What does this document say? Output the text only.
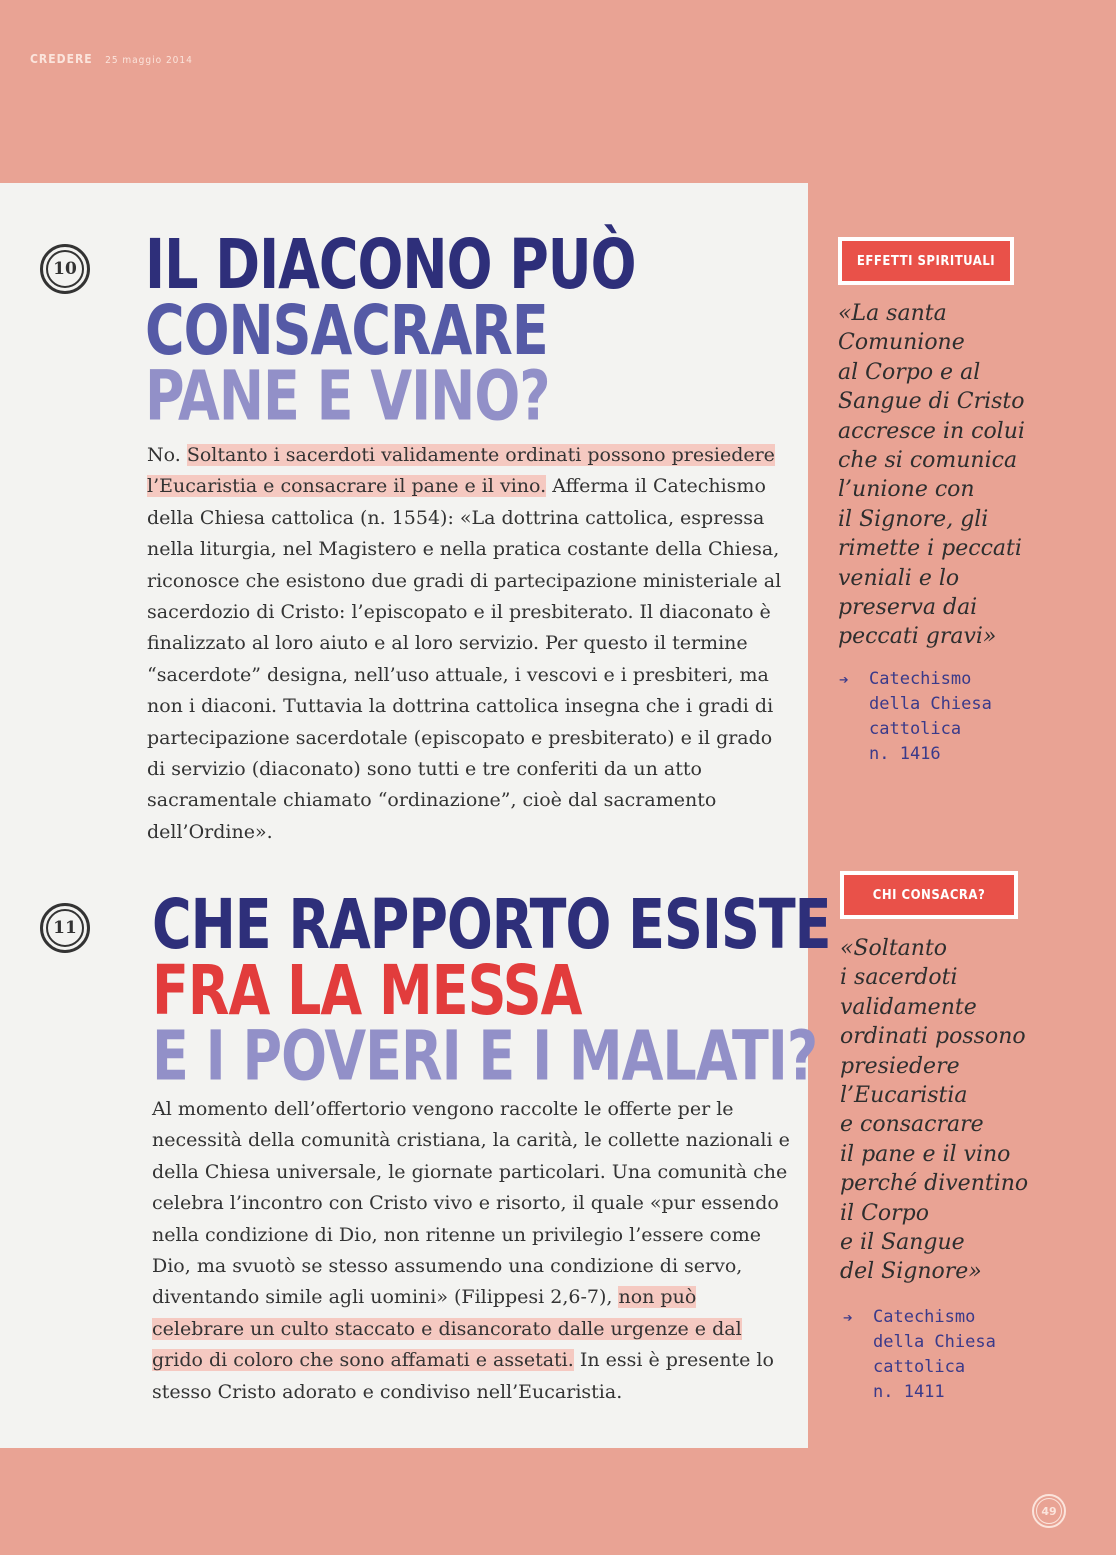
CREDERE 25 maggio 2014
10 IL DIACONO PUÒ
CONSACRARE
PANE E VINO?

No. Soltanto i sacerdoti validamente ordinati possono presiedere l’Eucaristia e consacrare il pane e il vino. Afferma il Catechismo della Chiesa cattolica (n. 1554): «La dottrina cattolica, espressa nella liturgia, nel Magistero e nella pratica costante della Chiesa, riconosce che esistono due gradi di partecipazione ministeriale al sacerdozio di Cristo: l’episcopato e il presbiterato. Il diaconato è finalizzato al loro aiuto e al loro servizio. Per questo il termine “sacerdote” designa, nell’uso attuale, i vescovi e i presbiteri, ma non i diaconi. Tuttavia la dottrina cattolica insegna che i gradi di partecipazione sacerdotale (episcopato e presbiterato) e il grado di servizio (diaconato) sono tutti e tre conferiti da un atto sacramentale chiamato “ordinazione”, cioè dal sacramento dell’Ordine».

11 CHE RAPPORTO ESISTE
FRA LA MESSA
E I POVERI E I MALATI?

Al momento dell’offertorio vengono raccolte le offerte per le necessità della comunità cristiana, la carità, le collette nazionali e della Chiesa universale, le giornate particolari. Una comunità che celebra l’incontro con Cristo vivo e risorto, il quale «pur essendo nella condizione di Dio, non ritenne un privilegio l’essere come Dio, ma svuotò se stesso assumendo una condizione di servo, diventando simile agli uomini» (Filippesi 2,6-7), non può celebrare un culto staccato e disancorato dalle urgenze e dal grido di coloro che sono affamati e assetati. In essi è presente lo stesso Cristo adorato e condiviso nell’Eucaristia.

EFFETTI SPIRITUALI
«La santa
Comunione
al Corpo e al
Sangue di Cristo
accresce in colui
che si comunica
l’unione con
il Signore, gli
rimette i peccati
veniali e lo
preserva dai
peccati gravi»
➔ Catechismo
della Chiesa
cattolica
n. 1416
CHI CONSACRA?
«Soltanto
i sacerdoti
validamente
ordinati possono
presiedere
l’Eucaristia
e consacrare
il pane e il vino
perché diventino
il Corpo
e il Sangue
del Signore»
➔ Catechismo
della Chiesa
cattolica
n. 1411
49
